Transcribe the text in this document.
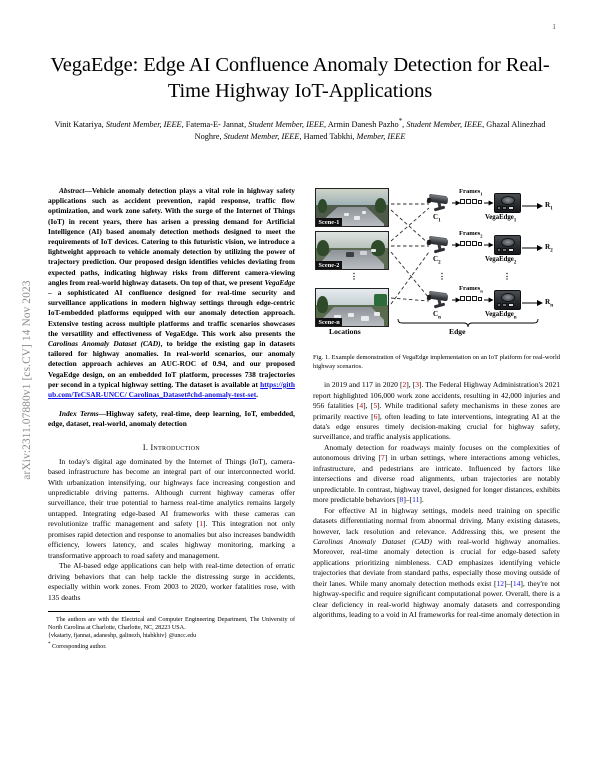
arXiv:2311.07880v1 [cs.CV] 14 Nov 2023
1
VegaEdge: Edge AI Confluence Anomaly Detection for Real-Time Highway IoT-Applications
Vinit Katariya, Student Member, IEEE, Fatema-E- Jannat, Student Member, IEEE, Armin Danesh Pazho*, Student Member, IEEE, Ghazal Alinezhad Noghre, Student Member, IEEE, Hamed Tabkhi, Member, IEEE
Abstract—Vehicle anomaly detection plays a vital role in highway safety applications such as accident prevention, rapid response, traffic flow optimization, and work zone safety. With the surge of the Internet of Things (IoT) in recent years, there has arisen a pressing demand for Artificial Intelligence (AI) based anomaly detection methods designed to meet the requirements of IoT devices. Catering to this futuristic vision, we introduce a lightweight approach to vehicle anomaly detection by utilizing the power of trajectory prediction. Our proposed design identifies vehicles deviating from expected paths, indicating highway risks from different camera-viewing angles from real-world highway datasets. On top of that, we present VegaEdge – a sophisticated AI confluence designed for real-time security and surveillance applications in modern highway settings through edge-centric IoT-embedded platforms equipped with our anomaly detection approach. Extensive testing across multiple platforms and traffic scenarios showcases the versatility and effectiveness of VegaEdge. This work also presents the Carolinas Anomaly Dataset (CAD), to bridge the existing gap in datasets tailored for highway anomalies. In real-world scenarios, our anomaly detection approach achieves an AUC-ROC of 0.94, and our proposed VegaEdge design, on an embedded IoT platform, processes 738 trajectories per second in a typical highway setting. The dataset is available at https://github.com/TeCSAR-UNCC/ Carolinas_Dataset#chd-anomaly-test-set.
Index Terms—Highway safety, real-time, deep learning, IoT, embedded, edge, dataset, real-world, anomaly detection
I. Introduction

In today's digital age dominated by the Internet of Things (IoT), camera-based infrastructure has become an integral part of our interconnected world. With urbanization intensifying, our highways face increasing congestion and unpredictable driving patterns. Although current highway cameras offer surveillance, their true potential to harness real-time analytics remains largely untapped. Integrating edge-based AI frameworks with these cameras can revolutionize traffic management and safety [1]. This integration not only promises rapid detection and response to anomalies but also increases bandwidth efficiency, lowers latency, and scales highway monitoring, marking a transformative approach to road safety and management.

The AI-based edge applications can help with real-time detection of erratic driving behaviors that can help tackle the distressing surge in accidents, especially within work zones. From 2003 to 2020, worker fatalities rose, with 135 deaths

The authors are with the Electrical and Computer Engineering Department, The University of North Carolina at Charlotte, Charlotte, NC, 28223 USA.
{vkatariy, fjannat, adaneshp, galinezh, htabkhiv} @uncc.edu
* Corresponding author.
Scene-1
Scene-2
Scene-n
⋮	⋮	⋮
$C_1$
Frames$_1$
VegaEdge$_1$
$R_1$
$C_2$
Frames$_2$
VegaEdge$_2$
$R_2$
$C_n$
Frames$_n$
VegaEdge$_n$
$R_n$
Locations	Edge
Fig. 1. Example demonstration of VegaEdge implementation on an IoT platform for real-world highway scenarios.

in 2019 and 117 in 2020 [2], [3]. The Federal Highway Administration's 2021 report highlighted 106,000 work zone accidents, resulting in 42,000 injuries and 956 fatalities [4], [5]. While traditional safety mechanisms in these zones are primarily reactive [6], often leading to late interventions, integrating AI at the data's edge ensures timely decision-making crucial for highway safety, surveillance, and traffic analysis applications.

Anomaly detection for roadways mainly focuses on the complexities of autonomous driving [7] in urban settings, where interactions among vehicles, infrastructure, and pedestrians are intricate. Influenced by factors like intersections and diverse road alignments, urban trajectories are notably unpredictable. In contrast, highway travel, designed for longer distances, exhibits more predictable behaviors [8]–[11].

For effective AI in highway settings, models need training on specific datasets differentiating normal from abnormal driving. Many existing datasets, however, lack resolution and relevance. Addressing this, we present the Carolinas Anomaly Dataset (CAD) with real-world highway anomalies. Moreover, real-time anomaly detection is crucial for edge-based safety applications prioritizing nimbleness. CAD emphasizes identifying vehicle trajectories that deviate from standard paths, especially those moving outside of their lanes. While many anomaly detection methods exist [12]–[14], they're not highway-specific and require significant computational power. Overall, there is a clear deficiency in real-world highway anomaly datasets and corresponding algorithms, leading to a void in AI frameworks for real-time anomaly detection in
